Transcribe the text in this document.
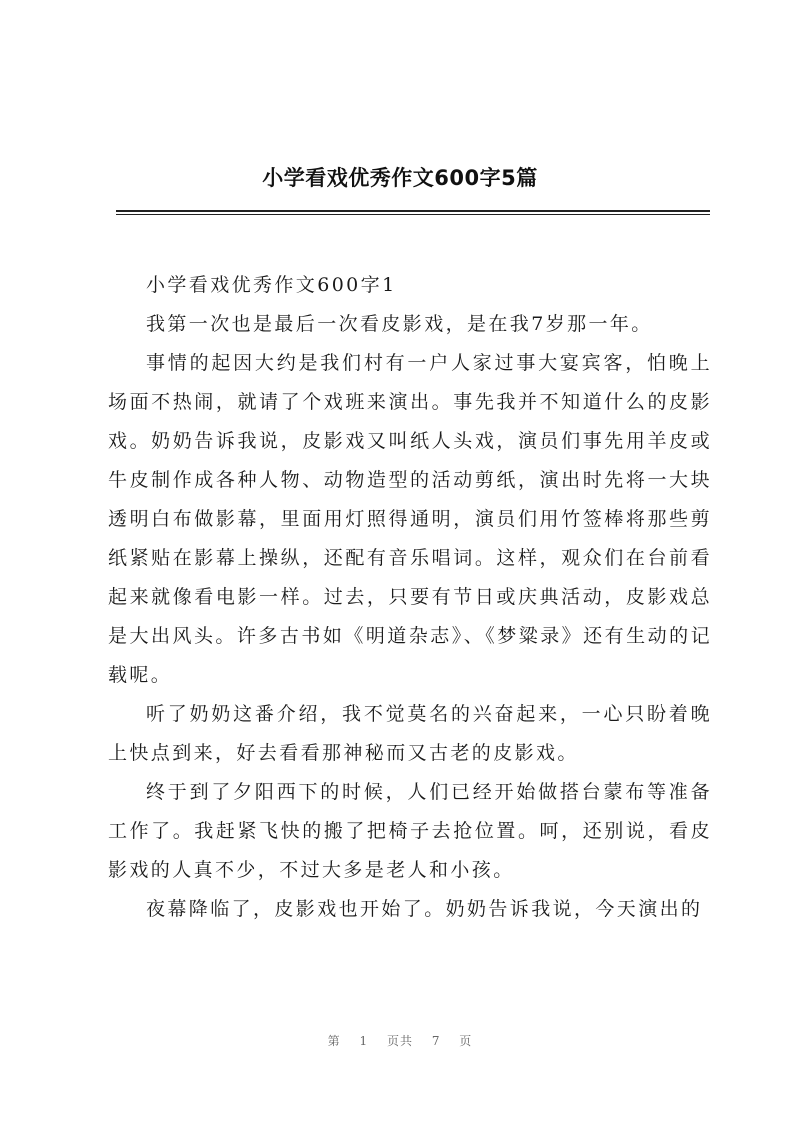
小学看戏优秀作文600字5篇

小学看戏优秀作文600字1

我第一次也是最后一次看皮影戏，是在我7岁那一年。

事情的起因大约是我们村有一户人家过事大宴宾客，怕晚上场面不热闹，就请了个戏班来演出。事先我并不知道什么的皮影戏。奶奶告诉我说，皮影戏又叫纸人头戏，演员们事先用羊皮或牛皮制作成各种人物、动物造型的活动剪纸，演出时先将一大块透明白布做影幕，里面用灯照得通明，演员们用竹签棒将那些剪纸紧贴在影幕上操纵，还配有音乐唱词。这样，观众们在台前看起来就像看电影一样。过去，只要有节日或庆典活动，皮影戏总是大出风头。许多古书如《明道杂志》、《梦粱录》还有生动的记载呢。

听了奶奶这番介绍，我不觉莫名的兴奋起来，一心只盼着晚上快点到来，好去看看那神秘而又古老的皮影戏。

终于到了夕阳西下的时候，人们已经开始做搭台蒙布等准备工作了。我赶紧飞快的搬了把椅子去抢位置。呵，还别说，看皮影戏的人真不少，不过大多是老人和小孩。

夜幕降临了，皮影戏也开始了。奶奶告诉我说，今天演出的

第 1 页共 7 页
